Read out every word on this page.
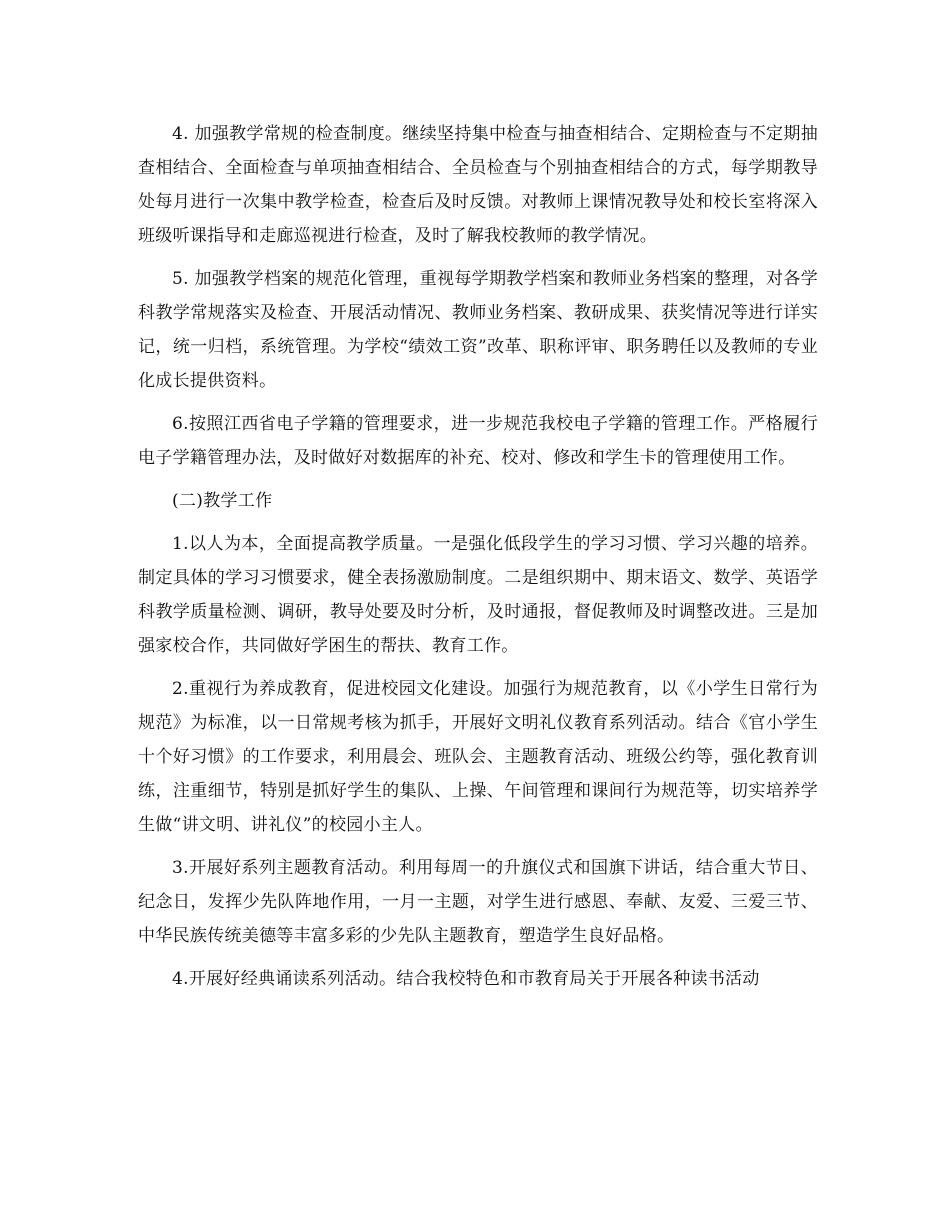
4. 加强教学常规的检查制度。继续坚持集中检查与抽查相结合、定期检查与不定期抽查相结合、全面检查与单项抽查相结合、全员检查与个别抽查相结合的方式，每学期教导处每月进行一次集中教学检查，检查后及时反馈。对教师上课情况教导处和校长室将深入班级听课指导和走廊巡视进行检查，及时了解我校教师的教学情况。

5. 加强教学档案的规范化管理，重视每学期教学档案和教师业务档案的整理，对各学科教学常规落实及检查、开展活动情况、教师业务档案、教研成果、获奖情况等进行详实记，统一归档，系统管理。为学校“绩效工资”改革、职称评审、职务聘任以及教师的专业化成长提供资料。

6.按照江西省电子学籍的管理要求，进一步规范我校电子学籍的管理工作。严格履行电子学籍管理办法，及时做好对数据库的补充、校对、修改和学生卡的管理使用工作。

(二)教学工作

1.以人为本，全面提高教学质量。一是强化低段学生的学习习惯、学习兴趣的培养。制定具体的学习习惯要求，健全表扬激励制度。二是组织期中、期末语文、数学、英语学科教学质量检测、调研，教导处要及时分析，及时通报，督促教师及时调整改进。三是加强家校合作，共同做好学困生的帮扶、教育工作。

2.重视行为养成教育，促进校园文化建设。加强行为规范教育，以《小学生日常行为规范》为标准，以一日常规考核为抓手，开展好文明礼仪教育系列活动。结合《官小学生十个好习惯》的工作要求，利用晨会、班队会、主题教育活动、班级公约等，强化教育训练，注重细节，特别是抓好学生的集队、上操、午间管理和课间行为规范等，切实培养学生做“讲文明、讲礼仪”的校园小主人。

3.开展好系列主题教育活动。利用每周一的升旗仪式和国旗下讲话，结合重大节日、纪念日，发挥少先队阵地作用，一月一主题，对学生进行感恩、奉献、友爱、三爱三节、中华民族传统美德等丰富多彩的少先队主题教育，塑造学生良好品格。

4.开展好经典诵读系列活动。结合我校特色和市教育局关于开展各种读书活动
